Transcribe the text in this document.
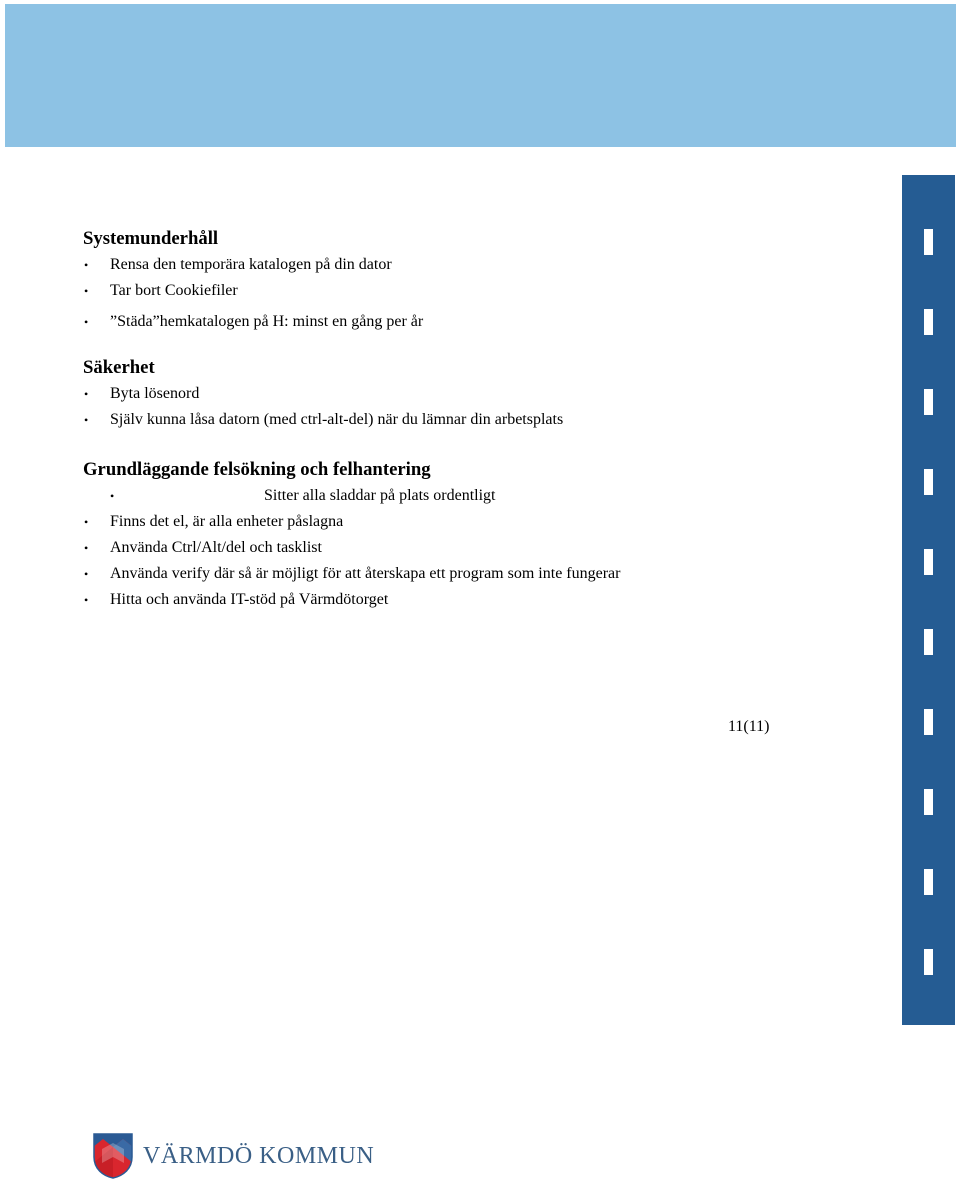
Systemunderhåll
• Rensa den temporära katalogen på din dator
• Tar bort Cookiefiler
• ”Städa”hemkatalogen på H: minst en gång per år
Säkerhet
• Byta lösenord
• Själv kunna låsa datorn (med ctrl-alt-del) när du lämnar din arbetsplats
Grundläggande felsökning och felhantering
• Sitter alla sladdar på plats ordentligt
• Finns det el, är alla enheter påslagna
• Använda Ctrl/Alt/del och tasklist
• Använda verify där så är möjligt för att återskapa ett program som inte fungerar
• Hitta och använda IT-stöd på Värmdötorget
11(11)
VÄRMDÖ KOMMUN
